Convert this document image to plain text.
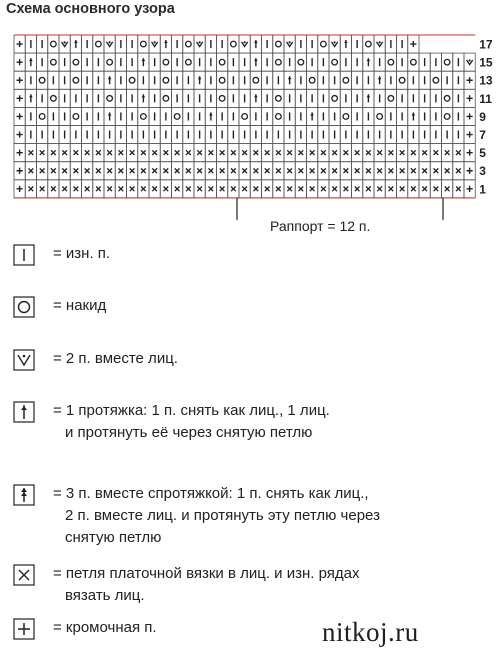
Схема основного узора
17
15
13
11
9
7
5
3
1
Раппорт = 12 п.
= изн. п.
= накид
= 2 п. вместе лиц.
= 1 протяжка: 1 п. снять как лиц., 1 лиц.
и протянуть её через снятую петлю
= 3 п. вместе спротяжкой: 1 п. снять как лиц.,
2 п. вместе лиц. и протянуть эту петлю через
снятую петлю
= петля платочной вязки в лиц. и изн. рядах
вязать лиц.
= кромочная п.	nitkoj.ru
